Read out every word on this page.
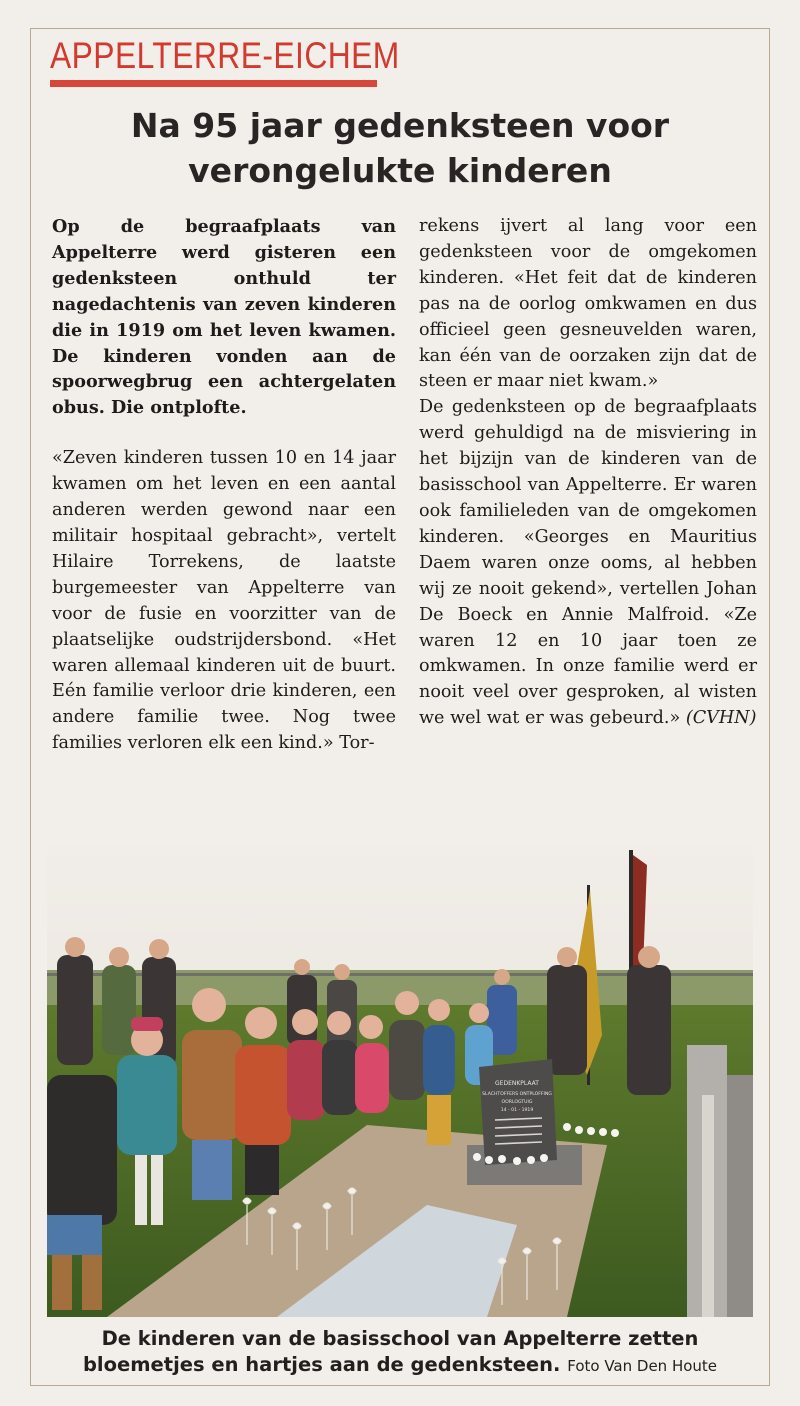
APPELTERRE-EICHEM
Na 95 jaar gedenksteen voor
verongelukte kinderen

Op de begraafplaats van Appelterre werd gisteren een gedenksteen onthuld ter nagedachtenis van zeven kinderen die in 1919 om het leven kwamen. De kinderen vonden aan de spoorwegbrug een achtergelaten obus. Die ontplofte.

«Zeven kinderen tussen 10 en 14 jaar kwamen om het leven en een aantal anderen werden gewond naar een militair hospitaal gebracht», vertelt Hilaire Torrekens, de laatste burgemeester van Appelterre van voor de fusie en voorzitter van de plaatselijke oudstrijdersbond. «Het waren allemaal kinderen uit de buurt. Eén familie verloor drie kinderen, een andere familie twee. Nog twee families verloren elk een kind.» Tor-

rekens ijvert al lang voor een gedenksteen voor de omgekomen kinderen. «Het feit dat de kinderen pas na de oorlog omkwamen en dus officieel geen gesneuvelden waren, kan één van de oorzaken zijn dat de steen er maar niet kwam.»

De gedenksteen op de begraafplaats werd gehuldigd na de misviering in het bijzijn van de kinderen van de basisschool van Appelterre. Er waren ook familieleden van de omgekomen kinderen. «Georges en Mauritius Daem waren onze ooms, al hebben wij ze nooit gekend», vertellen Johan De Boeck en Annie Malfroid. «Ze waren 12 en 10 jaar toen ze omkwamen. In onze familie werd er nooit veel over gesproken, al wisten we wel wat er was gebeurd.» (CVHN)

GEDENKPLAAT
SLACHTOFFERS ONTPLOFFING
OORLOGTUIG
14 - 01 - 1919
De kinderen van de basisschool van Appelterre zetten bloemetjes en hartjes aan de gedenksteen. Foto Van Den Houte
